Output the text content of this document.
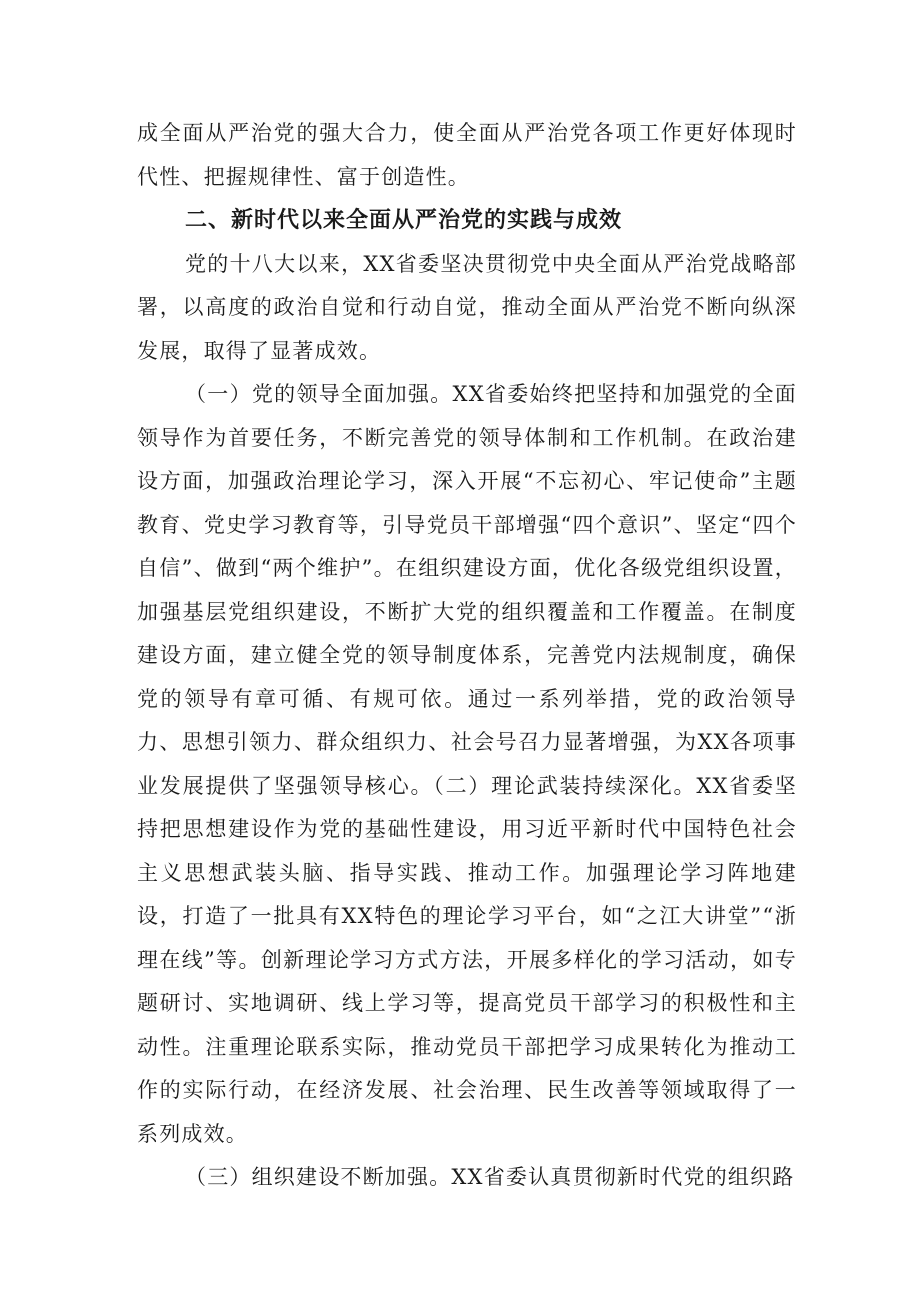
成全面从严治党的强大合力，使全面从严治党各项工作更好体现时代性、把握规律性、富于创造性。

二、新时代以来全面从严治党的实践与成效

党的十八大以来，XX省委坚决贯彻党中央全面从严治党战略部署，以高度的政治自觉和行动自觉，推动全面从严治党不断向纵深发展，取得了显著成效。

（一）党的领导全面加强。XX省委始终把坚持和加强党的全面领导作为首要任务，不断完善党的领导体制和工作机制。在政治建设方面，加强政治理论学习，深入开展“不忘初心、牢记使命”主题教育、党史学习教育等，引导党员干部增强“四个意识”、坚定“四个自信”、做到“两个维护”。在组织建设方面，优化各级党组织设置，加强基层党组织建设，不断扩大党的组织覆盖和工作覆盖。在制度建设方面，建立健全党的领导制度体系，完善党内法规制度，确保党的领导有章可循、有规可依。通过一系列举措，党的政治领导力、思想引领力、群众组织力、社会号召力显著增强，为XX各项事业发展提供了坚强领导核心。（二）理论武装持续深化。XX省委坚持把思想建设作为党的基础性建设，用习近平新时代中国特色社会主义思想武装头脑、指导实践、推动工作。加强理论学习阵地建设，打造了一批具有XX特色的理论学习平台，如“之江大讲堂”“浙理在线”等。创新理论学习方式方法，开展多样化的学习活动，如专题研讨、实地调研、线上学习等，提高党员干部学习的积极性和主动性。注重理论联系实际，推动党员干部把学习成果转化为推动工作的实际行动，在经济发展、社会治理、民生改善等领域取得了一系列成效。

（三）组织建设不断加强。XX省委认真贯彻新时代党的组织路
